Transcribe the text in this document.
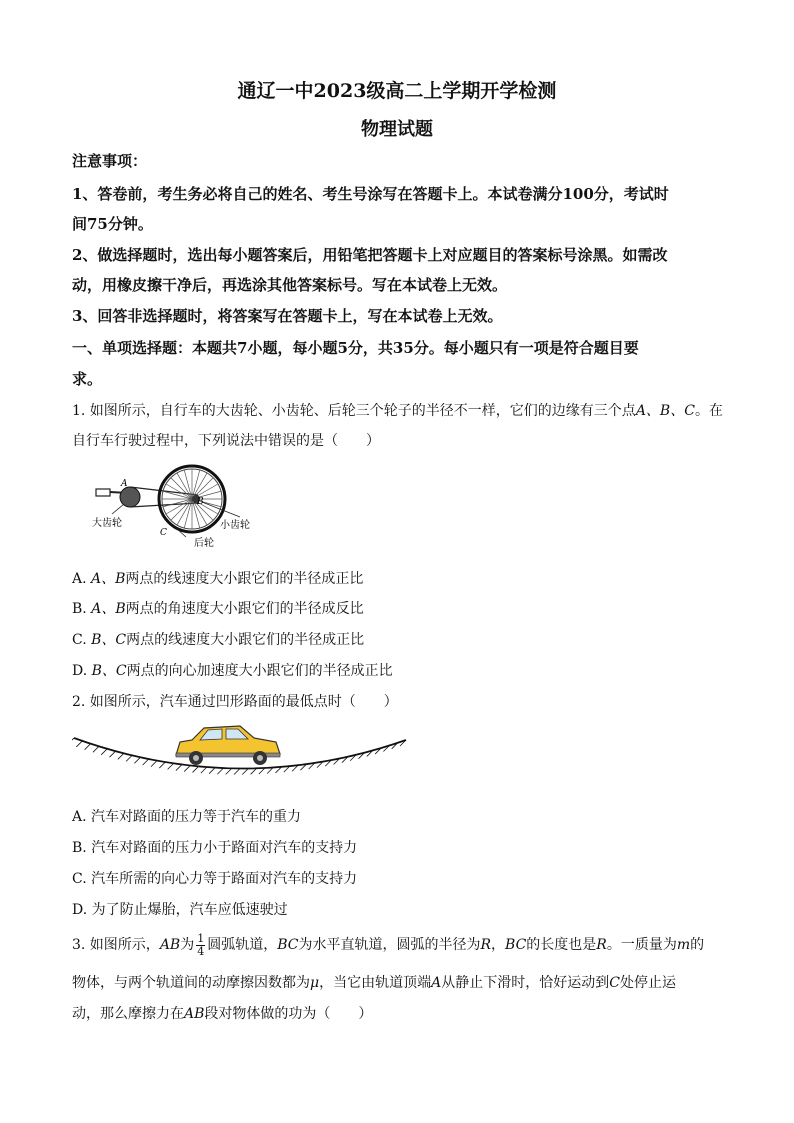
通辽一中2023级高二上学期开学检测
物理试题
注意事项：
1、答卷前，考生务必将自己的姓名、考生号涂写在答题卡上。本试卷满分100分，考试时
间75分钟。
2、做选择题时，选出每小题答案后，用铅笔把答题卡上对应题目的答案标号涂黑。如需改
动，用橡皮擦干净后，再选涂其他答案标号。写在本试卷上无效。
3、回答非选择题时，将答案写在答题卡上，写在本试卷上无效。
一、单项选择题：本题共7小题，每小题5分，共35分。每小题只有一项是符合题目要
求。
1. 如图所示，自行车的大齿轮、小齿轮、后轮三个轮子的半径不一样，它们的边缘有三个点A、B、C。在
自行车行驶过程中，下列说法中错误的是（　　）
A
B
C
大齿轮	小齿轮
后轮
A. A、B两点的线速度大小跟它们的半径成正比
B. A、B两点的角速度大小跟它们的半径成反比
C. B、C两点的线速度大小跟它们的半径成正比
D. B、C两点的向心加速度大小跟它们的半径成正比
2. 如图所示，汽车通过凹形路面的最低点时（　　）
A. 汽车对路面的压力等于汽车的重力
B. 汽车对路面的压力小于路面对汽车的支持力
C. 汽车所需的向心力等于路面对汽车的支持力
D. 为了防止爆胎，汽车应低速驶过
3. 如图所示，AB为 $\frac{1}{4}$ 圆弧轨道，BC为水平直轨道，圆弧的半径为R，BC的长度也是R。一质量为m的
物体，与两个轨道间的动摩擦因数都为μ，当它由轨道顶端A从静止下滑时，恰好运动到C处停止运
动，那么摩擦力在AB段对物体做的功为（　　）
